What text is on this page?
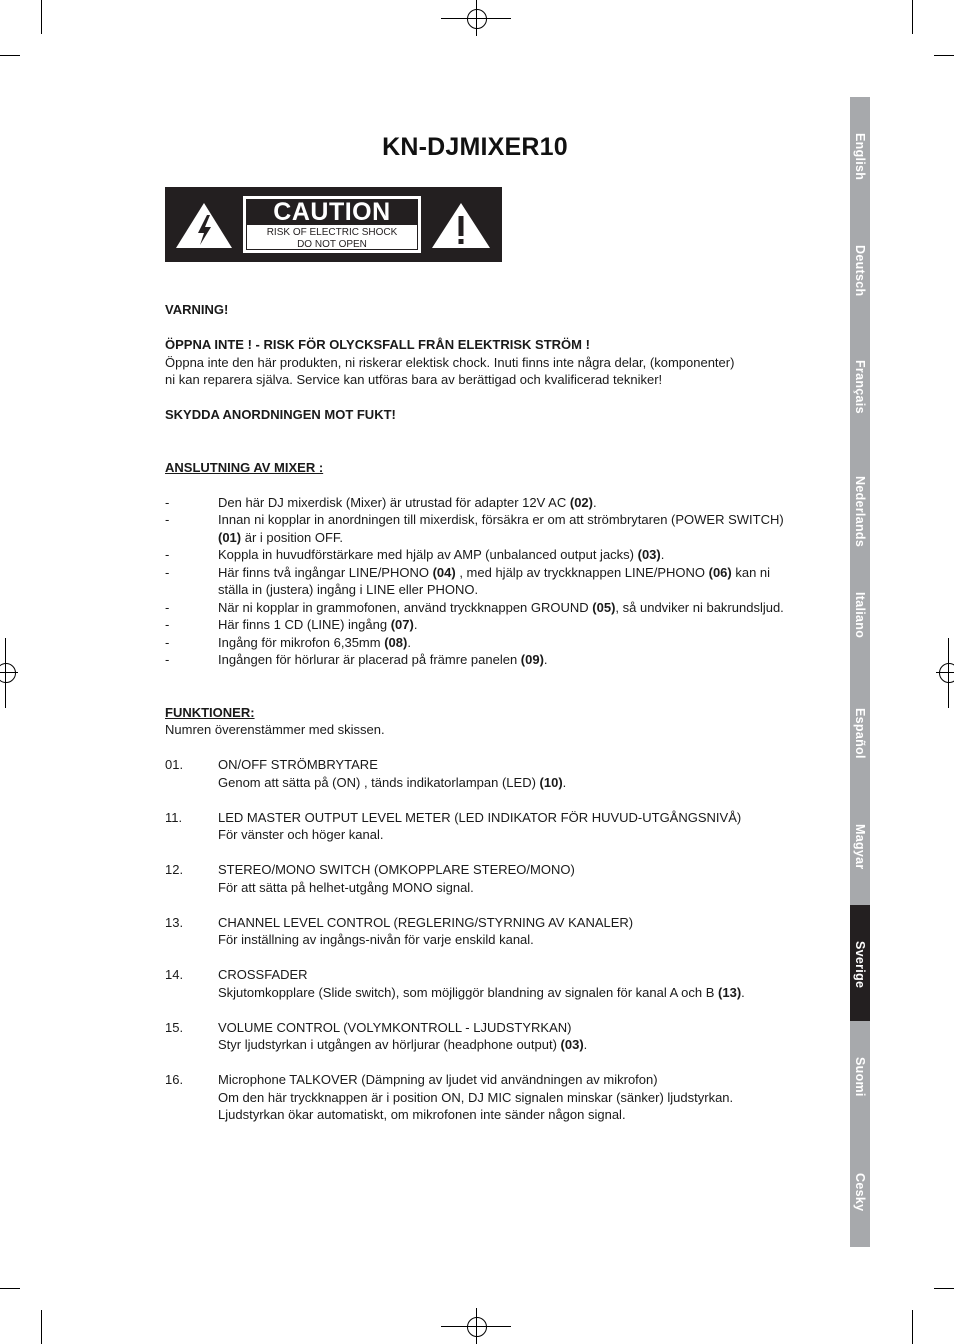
KN-DJMIXER10
CAUTION
RISK OF ELECTRIC SHOCK
DO NOT OPEN

VARNING!

ÖPPNA INTE ! - RISK FÖR OLYCKSFALL FRÅN ELEKTRISK STRÖM !

Öppna inte den här produkten, ni riskerar elektisk chock. Inuti finns inte några delar, (komponenter)

ni kan reparera själva. Service kan utföras bara av berättigad och kvalificerad tekniker!

SKYDDA ANORDNINGEN MOT FUKT!

ANSLUTNING AV MIXER :

-	Den här DJ mixerdisk (Mixer) är utrustad för adapter 12V AC (02).
-	Innan ni kopplar in anordningen till mixerdisk, försäkra er om att strömbrytaren (POWER SWITCH) (01) är i position OFF.
-	Koppla in huvudförstärkare med hjälp av AMP (unbalanced output jacks) (03).
-	Här finns två ingångar LINE/PHONO (04) , med hjälp av tryckknappen LINE/PHONO (06) kan ni ställa in (justera) ingång i LINE eller PHONO.
-	När ni kopplar in grammofonen, använd tryckknappen GROUND (05), så undviker ni bakrundsljud.
-	Här finns 1 CD (LINE) ingång (07).
-	Ingång för mikrofon 6,35mm (08).
-	Ingången för hörlurar är placerad på främre panelen (09).

FUNKTIONER:

Numren överenstämmer med skissen.

01.	ON/OFF STRÖMBRYTARE
Genom att sätta på (ON) , tänds indikatorlampan (LED) (10).
11.	LED MASTER OUTPUT LEVEL METER (LED INDIKATOR FÖR HUVUD-UTGÅNGSNIVÅ)
För vänster och höger kanal.
12.	STEREO/MONO SWITCH (OMKOPPLARE STEREO/MONO)
För att sätta på helhet-utgång MONO signal.
13.	CHANNEL LEVEL CONTROL (REGLERING/STYRNING AV KANALER)
För inställning av ingångs-nivån för varje enskild kanal.
14.	CROSSFADER
Skjutomkopplare (Slide switch), som möjliggör blandning av signalen för kanal A och B (13).
15.	VOLUME CONTROL (VOLYMKONTROLL - LJUDSTYRKAN)
Styr ljudstyrkan i utgången av hörljurar (headphone output) (03).
16.	Microphone TALKOVER (Dämpning av ljudet vid användningen av mikrofon)
Om den här tryckknappen är i position ON, DJ MIC signalen minskar (sänker) ljudstyrkan.
Ljudstyrkan ökar automatiskt, om mikrofonen inte sänder någon signal.
English
Deutsch
Français
Nederlands
Italiano
Español
Magyar
Sverige
Suomi
Cesky
